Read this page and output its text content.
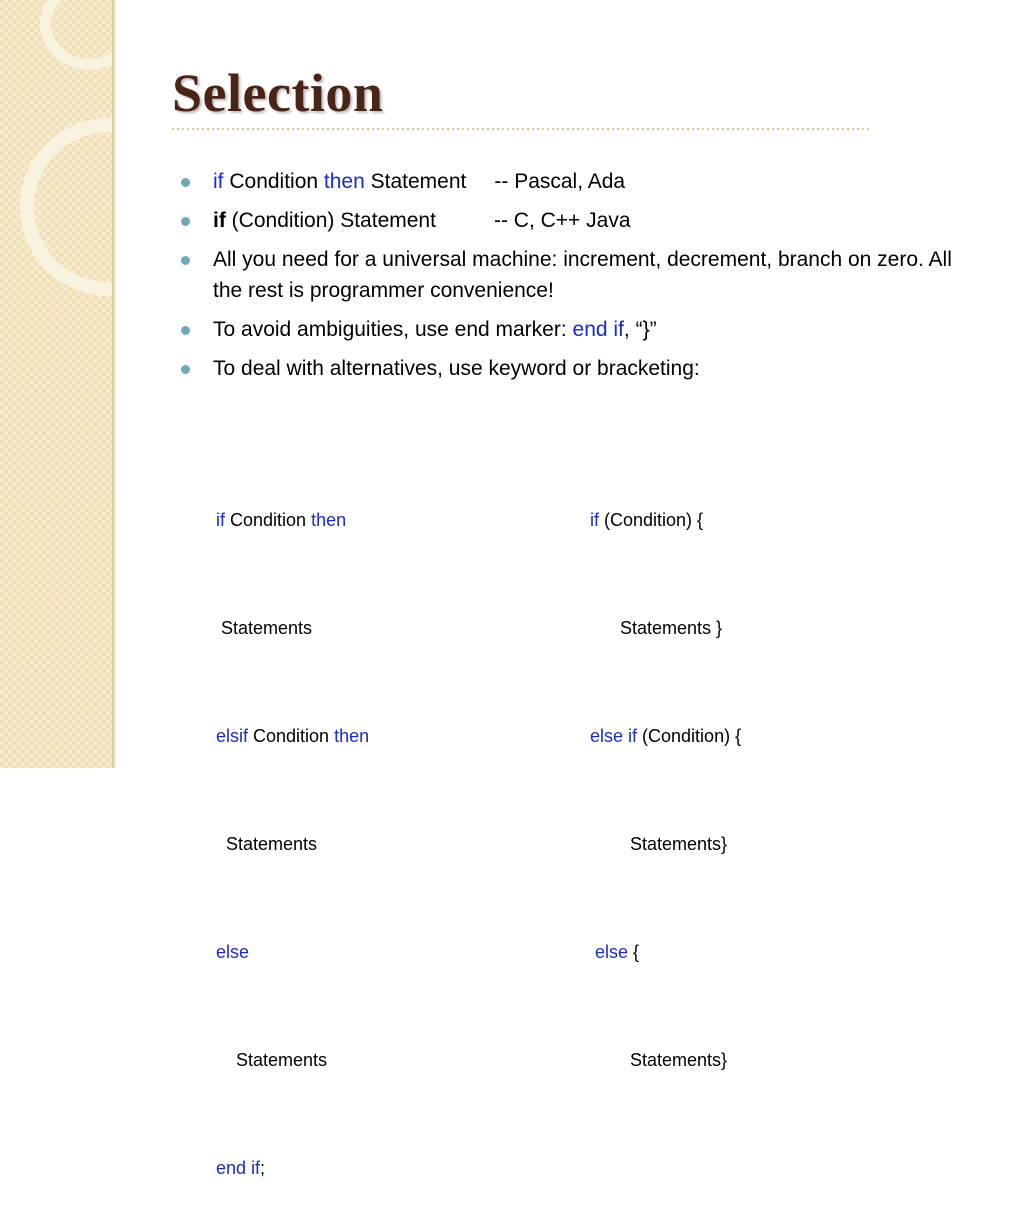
Selection
if Condition then Statement -- Pascal, Ada
if (Condition) Statement	-- C, C++ Java
All you need for a universal machine: increment, decrement, branch on zero. All the rest is programmer convenience!
To avoid ambiguities, use end marker: end if, “}”
To deal with alternatives, use keyword or bracketing:

if Condition then

Statements

elsif Condition then

Statements

else

Statements

end if;

if (Condition) {

Statements }

else if (Condition) {

Statements}

else {

Statements}
